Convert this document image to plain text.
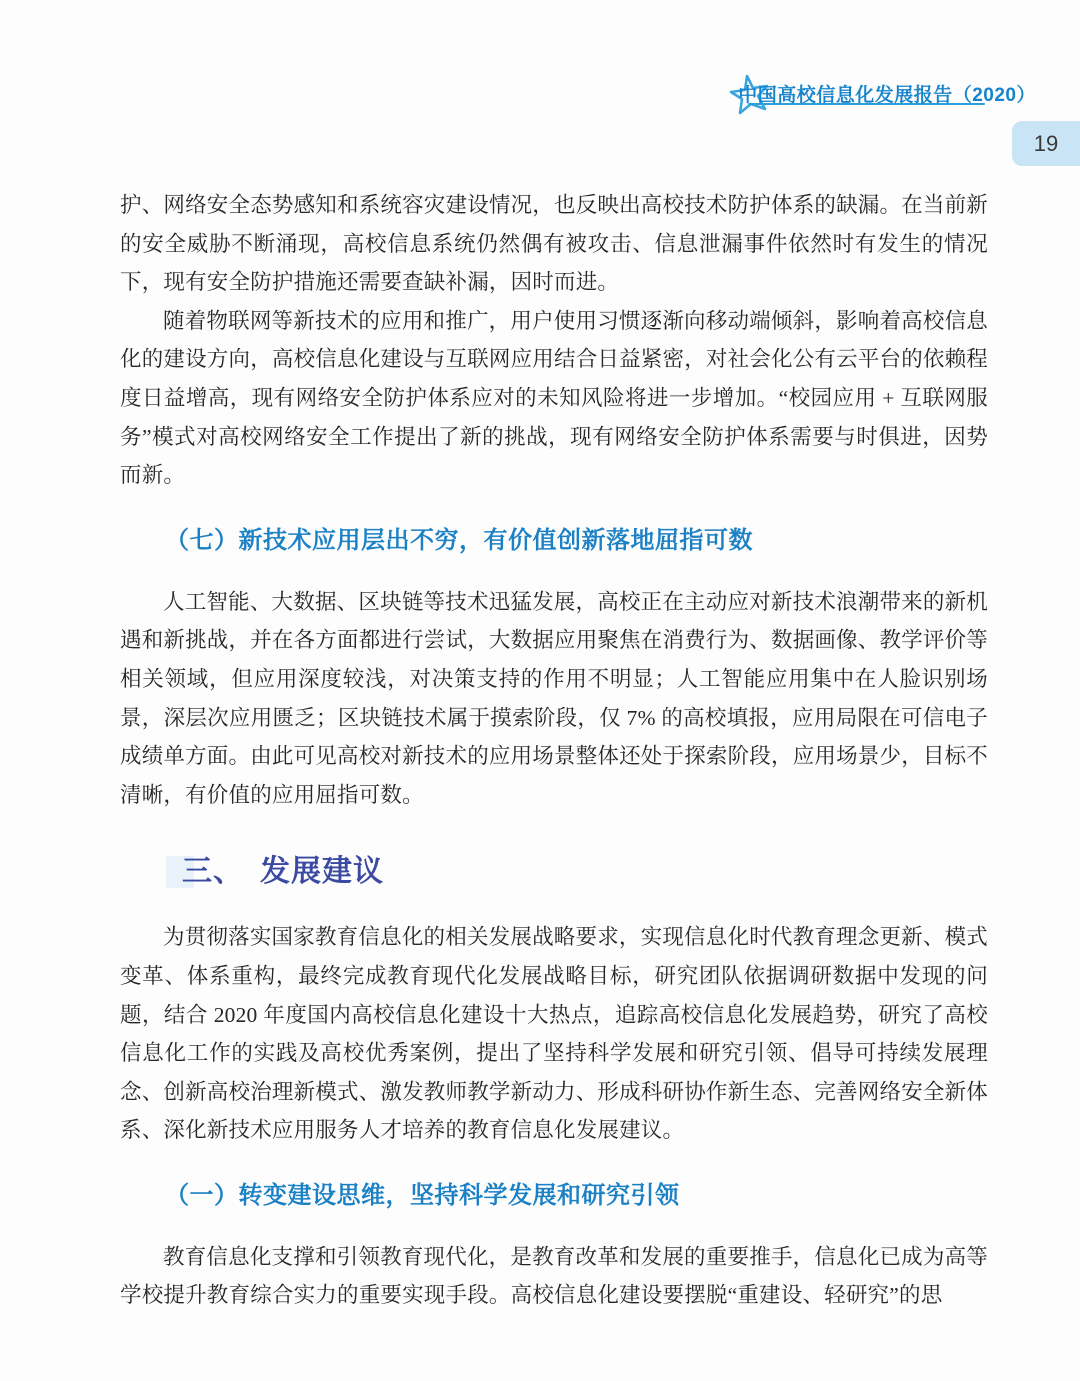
中国高校信息化发展报告（2020）
19

护、网络安全态势感知和系统容灾建设情况，也反映出高校技术防护体系的缺漏。在当前新的安全威胁不断涌现，高校信息系统仍然偶有被攻击、信息泄漏事件依然时有发生的情况下，现有安全防护措施还需要查缺补漏，因时而进。

随着物联网等新技术的应用和推广，用户使用习惯逐渐向移动端倾斜，影响着高校信息化的建设方向，高校信息化建设与互联网应用结合日益紧密，对社会化公有云平台的依赖程度日益增高，现有网络安全防护体系应对的未知风险将进一步增加。“校园应用 + 互联网服务”模式对高校网络安全工作提出了新的挑战，现有网络安全防护体系需要与时俱进，因势而新。

（七）新技术应用层出不穷，有价值创新落地屈指可数

人工智能、大数据、区块链等技术迅猛发展，高校正在主动应对新技术浪潮带来的新机遇和新挑战，并在各方面都进行尝试，大数据应用聚焦在消费行为、数据画像、教学评价等相关领域，但应用深度较浅，对决策支持的作用不明显；人工智能应用集中在人脸识别场景，深层次应用匮乏；区块链技术属于摸索阶段，仅 7% 的高校填报，应用局限在可信电子成绩单方面。由此可见高校对新技术的应用场景整体还处于探索阶段，应用场景少，目标不清晰，有价值的应用屈指可数。

三、　发展建议

为贯彻落实国家教育信息化的相关发展战略要求，实现信息化时代教育理念更新、模式变革、体系重构，最终完成教育现代化发展战略目标，研究团队依据调研数据中发现的问题，结合 2020 年度国内高校信息化建设十大热点，追踪高校信息化发展趋势，研究了高校信息化工作的实践及高校优秀案例，提出了坚持科学发展和研究引领、倡导可持续发展理念、创新高校治理新模式、激发教师教学新动力、形成科研协作新生态、完善网络安全新体系、深化新技术应用服务人才培养的教育信息化发展建议。

（一）转变建设思维，坚持科学发展和研究引领

教育信息化支撑和引领教育现代化，是教育改革和发展的重要推手，信息化已成为高等学校提升教育综合实力的重要实现手段。高校信息化建设要摆脱“重建设、轻研究”的思
